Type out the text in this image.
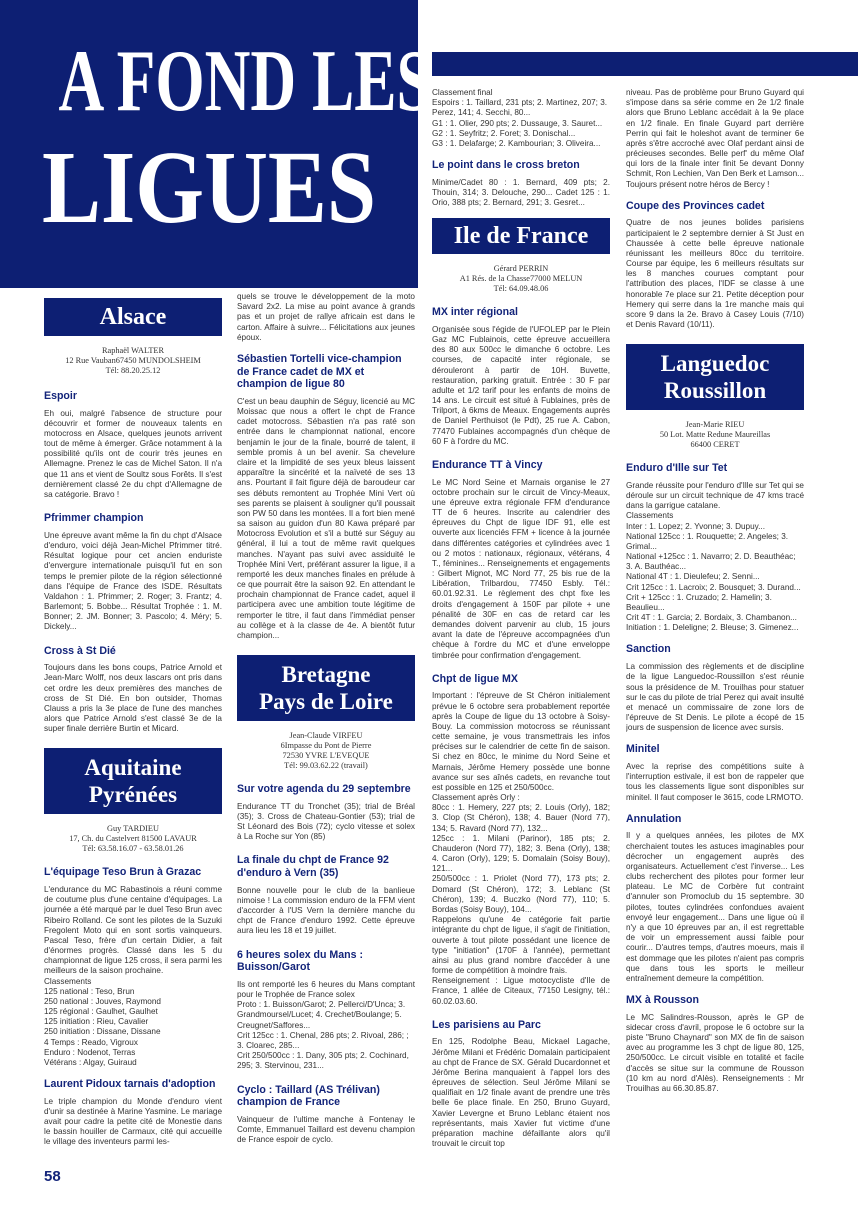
A FOND LES
LIGUES
Alsace
Raphaël WALTER
12 Rue Vauban67450 MUNDOLSHEIM
Tél: 88.20.25.12
Espoir
Eh oui, malgré l'absence de structure pour découvrir et former de nouveaux talents en motocross en Alsace, quelques jeunots arrivent tout de même à émerger. Grâce notamment à la possibilité qu'ils ont de courir très jeunes en Allemagne. Prenez le cas de Michel Saton. Il n'a que 11 ans et vient de Soultz sous Forêts. Il s'est dernièrement classé 2e du chpt d'Allemagne de sa catégorie. Bravo !
Pfrimmer champion
Une épreuve avant même la fin du chpt d'Alsace d'enduro, voici déjà Jean-Michel Pfrimmer titré. Résultat logique pour cet ancien enduriste d'envergure internationale puisqu'il fut en son temps le premier pilote de la région sélectionné dans l'équipe de France des ISDE. Résultats Valdahon : 1. Pfrimmer; 2. Roger; 3. Frantz; 4. Barlemont; 5. Bobbe... Résultat Trophée : 1. M. Bonner; 2. JM. Bonner; 3. Pascolo; 4. Méry; 5. Dickely...
Cross à St Dié
Toujours dans les bons coups, Patrice Arnold et Jean-Marc Wolff, nos deux lascars ont pris dans cet ordre les deux premières des manches de cross de St Dié. En bon outsider, Thomas Clauss a pris la 3e place de l'une des manches alors que Patrice Arnold s'est classé 3e de la super finale derrière Burtin et Micard.
Aquitaine
Pyrénées
Guy TARDIEU
17, Ch. du Castelvert 81500 LAVAUR
Tél: 63.58.16.07 - 63.58.01.26
L'équipage Teso Brun à Grazac
L'endurance du MC Rabastinois a réuni comme de coutume plus d'une centaine d'équipages. La journée a été marqué par le duel Teso Brun avec Ribeiro Rolland. Ce sont les pilotes de la Suzuki Fregolent Moto qui en sont sortis vainqueurs. Pascal Teso, frère d'un certain Didier, a fait d'énormes progrès. Classé dans les 5 du championnat de ligue 125 cross, il sera parmi les meilleurs de la saison prochaine.
Classements
125 national : Teso, Brun
250 national : Jouves, Raymond
125 régional : Gaulhet, Gaulhet
125 initiation : Rieu, Cavalier
250 initiation : Dissane, Dissane
4 Temps : Reado, Vigroux
Enduro : Nodenot, Terras
Vétérans : Algay, Guiraud
Laurent Pidoux tarnais d'adoption
Le triple champion du Monde d'enduro vient d'unir sa destinée à Marine Yasmine. Le mariage avait pour cadre la petite cité de Monestie dans le bassin houiller de Carmaux, cité qui accueille le village des inventeurs parmi les-
58
quels se trouve le développement de la moto Savard 2x2. La mise au point avance à grands pas et un projet de rallye africain est dans le carton. Affaire à suivre... Félicitations aux jeunes époux.
Sébastien Tortelli vice-champion de France cadet de MX et champion de ligue 80
C'est un beau dauphin de Séguy, licencié au MC Moissac que nous a offert le chpt de France cadet motocross. Sébastien n'a pas raté son entrée dans le championnat national, encore benjamin le jour de la finale, bourré de talent, il semble promis à un bel avenir. Sa chevelure claire et la limpidité de ses yeux bleus laissent apparaître la sincérité et la naïveté de ses 13 ans. Pourtant il fait figure déjà de baroudeur car ses débuts remontent au Trophée Mini Vert où ses parents se plaisent à souligner qu'il poussait son PW 50 dans les montées. Il a fort bien mené sa saison au guidon d'un 80 Kawa préparé par Motocross Evolution et s'il a butté sur Séguy au général, il lui a tout de même ravit quelques manches. N'ayant pas suivi avec assiduité le Trophée Mini Vert, préférant assurer la ligue, il a remporté les deux manches finales en prélude à ce que pourrait être la saison 92. En attendant le prochain championnat de France cadet, aquel il participera avec une ambition toute légitime de remporter le titre, il faut dans l'immédiat penser au collège et à la classe de 4e. A bientôt futur champion...
Bretagne
Pays de Loire
Jean-Claude VIRFEU
6Impasse du Pont de Pierre
72530 YVRE L'EVEQUE
Tél: 99.03.62.22 (travail)
Sur votre agenda du 29 septembre
Endurance TT du Tronchet (35); trial de Bréal (35); 3. Cross de Chateau-Gontier (53); trial de St Léonard des Bois (72); cyclo vitesse et solex à La Roche sur Yon (85)
La finale du chpt de France 92 d'enduro à Vern (35)
Bonne nouvelle pour le club de la banlieue nimoise ! La commission enduro de la FFM vient d'accorder à l'US Vern la dernière manche du chpt de France d'enduro 1992. Cette épreuve aura lieu les 18 et 19 juillet.
6 heures solex du Mans : Buisson/Garot
Ils ont remporté les 6 heures du Mans comptant pour le Trophée de France solex
Proto : 1. Buisson/Garot; 2. Pellerci/D'Unca; 3. Grandmoursel/Lucet; 4. Crechet/Boulange; 5. Creugnet/Saffores...
Crit 125cc : 1. Chenal, 286 pts; 2. Rivoal, 286; ; 3. Cloarec, 285...
Crit 250/500cc : 1. Dany, 305 pts; 2. Cochinard, 295; 3. Stervinou, 231...
Cyclo : Taillard (AS Trélivan) champion de France
Vainqueur de l'ultime manche à Fontenay le Comte, Emmanuel Taillard est devenu champion de France espoir de cyclo.
Classement final
Espoirs : 1. Taillard, 231 pts; 2. Martinez, 207; 3. Perez, 141; 4. Secchi, 80...
G1 : 1. Olier, 290 pts; 2. Dussauge, 3. Sauret...
G2 : 1. Seyfritz; 2. Foret; 3. Donischal...
G3 : 1. Delafarge; 2. Kambourian; 3. Oliveira...
Le point dans le cross breton
Minime/Cadet 80 : 1. Bernard, 409 pts; 2. Thouin, 314; 3. Delouche, 290... Cadet 125 : 1. Orio, 388 pts; 2. Bernard, 291; 3. Gesret...
Ile de France
Gérard PERRIN
A1 Rés. de la Chasse77000 MELUN
Tél: 64.09.48.06
MX inter régional
Organisée sous l'égide de l'UFOLEP par le Plein Gaz MC Fublainois, cette épreuve accueillera des 80 aux 500cc le dimanche 6 octobre. Les courses, de capacité inter régionale, se dérouleront à partir de 10H. Buvette, restauration, parking gratuit. Entrée : 30 F par adulte et 1/2 tarif pour les enfants de moins de 14 ans. Le circuit est situé à Fublaines, près de Trilport, à 6kms de Meaux. Engagements auprès de Daniel Perthuisot (le Pdt), 25 rue A. Cabon, 77470 Fublaines accompagnés d'un chèque de 60 F à l'ordre du MC.
Endurance TT à Vincy
Le MC Nord Seine et Marnais organise le 27 octobre prochain sur le circuit de Vincy-Meaux, une épreuve extra régionale FFM d'endurance TT de 6 heures. Inscrite au calendrier des épreuves du Chpt de ligue IDF 91, elle est ouverte aux licenciés FFM + licence à la journée dans différentes catégories et cylindrées avec 1 ou 2 motos : nationaux, régionaux, vétérans, 4 T., féminines... Renseignements et engagements : Gilbert Mignot, MC Nord 77, 25 bis rue de la Libération, Trilbardou, 77450 Esbly. Tél.: 60.01.92.31. Le règlement des chpt fixe les droits d'engagement à 150F par pilote + une pénalité de 30F en cas de retard car les demandes doivent parvenir au club, 15 jours avant la date de l'épreuve accompagnées d'un chèque à l'ordre du MC et d'une enveloppe timbrée pour confirmation d'engagement.
Chpt de ligue MX
Important : l'épreuve de St Chéron initialement prévue le 6 octobre sera probablement reportée après la Coupe de ligue du 13 octobre à Soisy-Bouy. La commission motocross se réunissant cette semaine, je vous transmettrais les infos précises sur le calendrier de cette fin de saison. Si chez en 80cc, le minime du Nord Seine et Marnais, Jérôme Hemery possède une bonne avance sur ses aînés cadets, en revanche tout est possible en 125 et 250/500cc.
Classement après Orly :
80cc : 1. Hemery, 227 pts; 2. Louis (Orly), 182; 3. Clop (St Chéron), 138; 4. Bauer (Nord 77), 134; 5. Ravard (Nord 77), 132...
125cc : 1. Milani (Parinor), 185 pts; 2. Chauderon (Nord 77), 182; 3. Bena (Orly), 138; 4. Caron (Orly), 129; 5. Domalain (Soisy Bouy), 121...
250/500cc : 1. Priolet (Nord 77), 173 pts; 2. Domard (St Chéron), 172; 3. Leblanc (St Chéron), 139; 4. Buczko (Nord 77), 110; 5. Bordas (Soisy Bouy), 104...
Rappelons qu'une 4e catégorie fait partie intégrante du chpt de ligue, il s'agit de l'initiation, ouverte à tout pilote possédant une licence de type "initiation" (170F à l'année), permettant ainsi au plus grand nombre d'accéder à une forme de compétition à moindre frais.
Renseignement : Ligue motocycliste d'Ile de France, 1 allée de Citeaux, 77150 Lesigny, tél.: 60.02.03.60.
Les parisiens au Parc
En 125, Rodolphe Beau, Mickael Lagache, Jérôme Milani et Frédéric Domalain participaient au chpt de France de SX. Gérald Ducardonnet et Jérôme Berina manquaient à l'appel lors des épreuves de sélection. Seul Jérôme Milani se qualifiait en 1/2 finale avant de prendre une très belle 6e place finale. En 250, Bruno Guyard, Xavier Levergne et Bruno Leblanc étaient nos représentants, mais Xavier fut victime d'une préparation machine défaillante alors qu'il trouvait le circuit top
niveau. Pas de problème pour Bruno Guyard qui s'impose dans sa série comme en 2e 1/2 finale alors que Bruno Leblanc accédait à la 9e place en 1/2 finale. En finale Guyard part derrière Perrin qui fait le holeshot avant de terminer 6e après s'être accroché avec Olaf perdant ainsi de précieuses secondes. Belle perf' du même Olaf qui lors de la finale inter finit 5e devant Donny Schmit, Ron Lechien, Van Den Berk et Lamson... Toujours présent notre héros de Bercy !
Coupe des Provinces cadet
Quatre de nos jeunes bolides parisiens participaient le 2 septembre dernier à St Just en Chaussée à cette belle épreuve nationale réunissant les meilleurs 80cc du territoire. Course par équipe, les 6 meilleurs résultats sur les 8 manches courues comptant pour l'attribution des places, l'IDF se classe à une honorable 7e place sur 21. Petite déception pour Hemery qui serre dans la 1re manche mais qui score 9 dans la 2e. Bravo à Casey Louis (7/10) et Denis Ravard (10/11).
Languedoc
Roussillon
Jean-Marie RIEU
50 Lot. Matte Redune Maureillas
66400 CERET
Enduro d'Ille sur Tet
Grande réussite pour l'enduro d'Ille sur Tet qui se déroule sur un circuit technique de 47 kms tracé dans la garrigue catalane.
Classements
Inter : 1. Lopez; 2. Yvonne; 3. Dupuy...
National 125cc : 1. Rouquette; 2. Angeles; 3. Grimal...
National +125cc : 1. Navarro; 2. D. Beauthéac; 3. A. Bauthéac...
National 4T : 1. Dieulefeu; 2. Senni...
Crit 125cc : 1. Lacroix; 2. Bousquet; 3. Durand...
Crit + 125cc : 1. Cruzado; 2. Hamelin; 3. Beaulieu...
Crit 4T : 1. Garcia; 2. Bordaix, 3. Chambanon...
Initiation : 1. Deleligne; 2. Bleuse; 3. Gimenez...
Sanction
La commission des règlements et de discipline de la ligue Languedoc-Roussillon s'est réunie sous la présidence de M. Trouilhas pour statuer sur le cas du pilote de trial Perez qui avait insulté et menacé un commissaire de zone lors de l'épreuve de St Denis. Le pilote a écopé de 15 jours de suspension de licence avec sursis.
Minitel
Avec la reprise des compétitions suite à l'interruption estivale, il est bon de rappeler que tous les classements ligue sont disponibles sur minitel. Il faut composer le 3615, code LRMOTO.
Annulation
Il y a quelques années, les pilotes de MX cherchaient toutes les astuces imaginables pour décrocher un engagement auprès des organisateurs. Actuellement c'est l'inverse... Les clubs recherchent des pilotes pour former leur plateau. Le MC de Corbère fut contraint d'annuler son Promoclub du 15 septembre. 30 pilotes, toutes cylindrées confondues avaient envoyé leur engagement... Dans une ligue où il n'y a que 10 épreuves par an, il est regrettable de voir un empressement aussi faible pour courir... D'autres temps, d'autres moeurs, mais il est dommage que les pilotes n'aient pas compris que dans tous les sports le meilleur entraînement demeure la compétition.
MX à Rousson
Le MC Salindres-Rousson, après le GP de sidecar cross d'avril, propose le 6 octobre sur la piste "Bruno Chaynard" son MX de fin de saison avec au programme les 3 chpt de ligue 80, 125, 250/500cc. Le circuit visible en totalité et facile d'accès se situe sur la commune de Rousson (10 km au nord d'Alès). Renseignements : Mr Trouilhas au 66.30.85.87.
